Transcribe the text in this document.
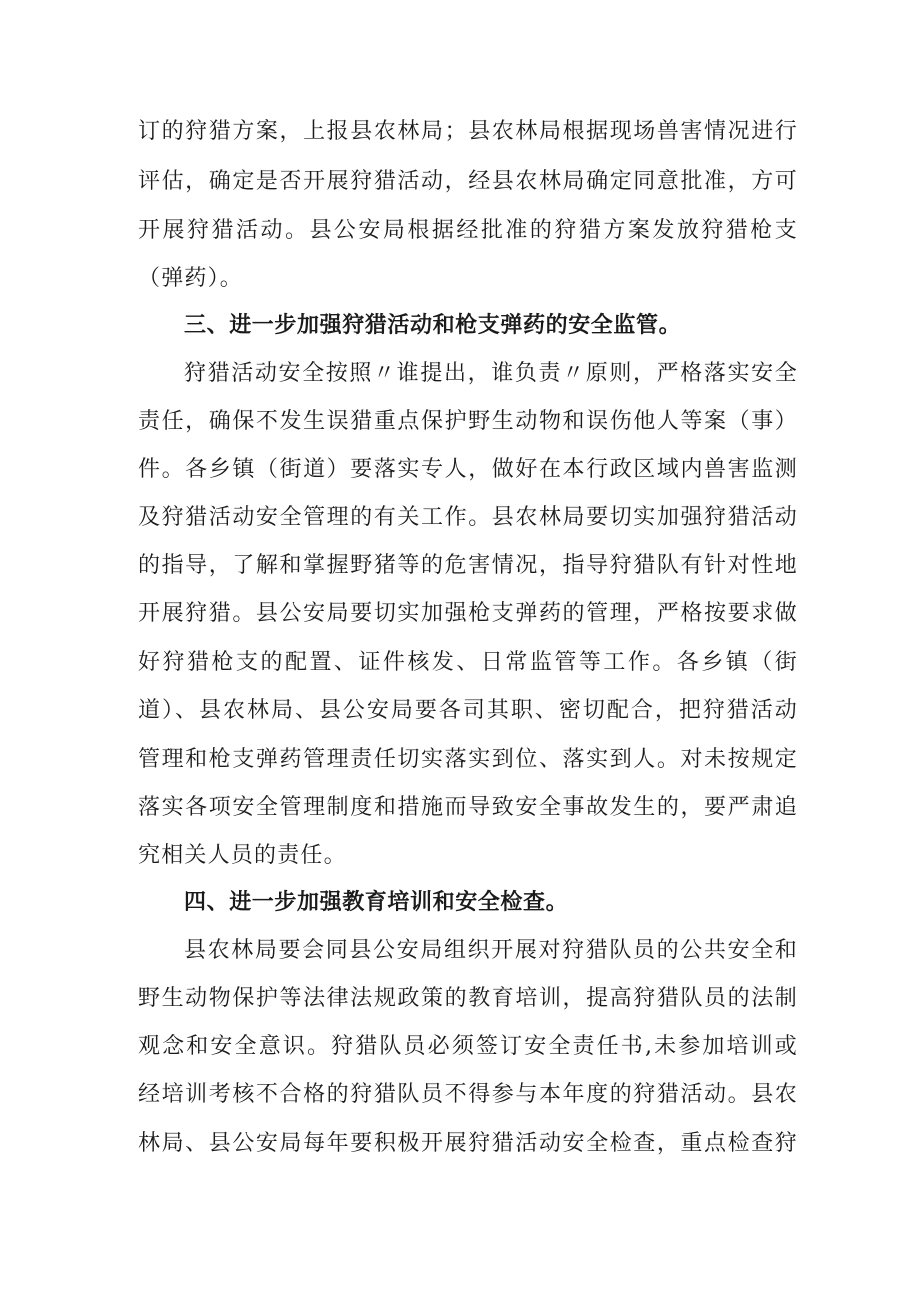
订的狩猎方案，上报县农林局；县农林局根据现场兽害情况进行
评估，确定是否开展狩猎活动，经县农林局确定同意批准，方可
开展狩猎活动。县公安局根据经批准的狩猎方案发放狩猎枪支
（弹药）。
三、进一步加强狩猎活动和枪支弹药的安全监管。
狩猎活动安全按照〃谁提出，谁负责〃原则，严格落实安全
责任，确保不发生误猎重点保护野生动物和误伤他人等案（事）
件。各乡镇（街道）要落实专人，做好在本行政区域内兽害监测
及狩猎活动安全管理的有关工作。县农林局要切实加强狩猎活动
的指导，了解和掌握野猪等的危害情况，指导狩猎队有针对性地
开展狩猎。县公安局要切实加强枪支弹药的管理，严格按要求做
好狩猎枪支的配置、证件核发、日常监管等工作。各乡镇（街
道）、县农林局、县公安局要各司其职、密切配合，把狩猎活动
管理和枪支弹药管理责任切实落实到位、落实到人。对未按规定
落实各项安全管理制度和措施而导致安全事故发生的，要严肃追
究相关人员的责任。
四、进一步加强教育培训和安全检查。
县农林局要会同县公安局组织开展对狩猎队员的公共安全和
野生动物保护等法律法规政策的教育培训，提高狩猎队员的法制
观念和安全意识。狩猎队员必须签订安全责任书,未参加培训或
经培训考核不合格的狩猎队员不得参与本年度的狩猎活动。县农
林局、县公安局每年要积极开展狩猎活动安全检查，重点检查狩
